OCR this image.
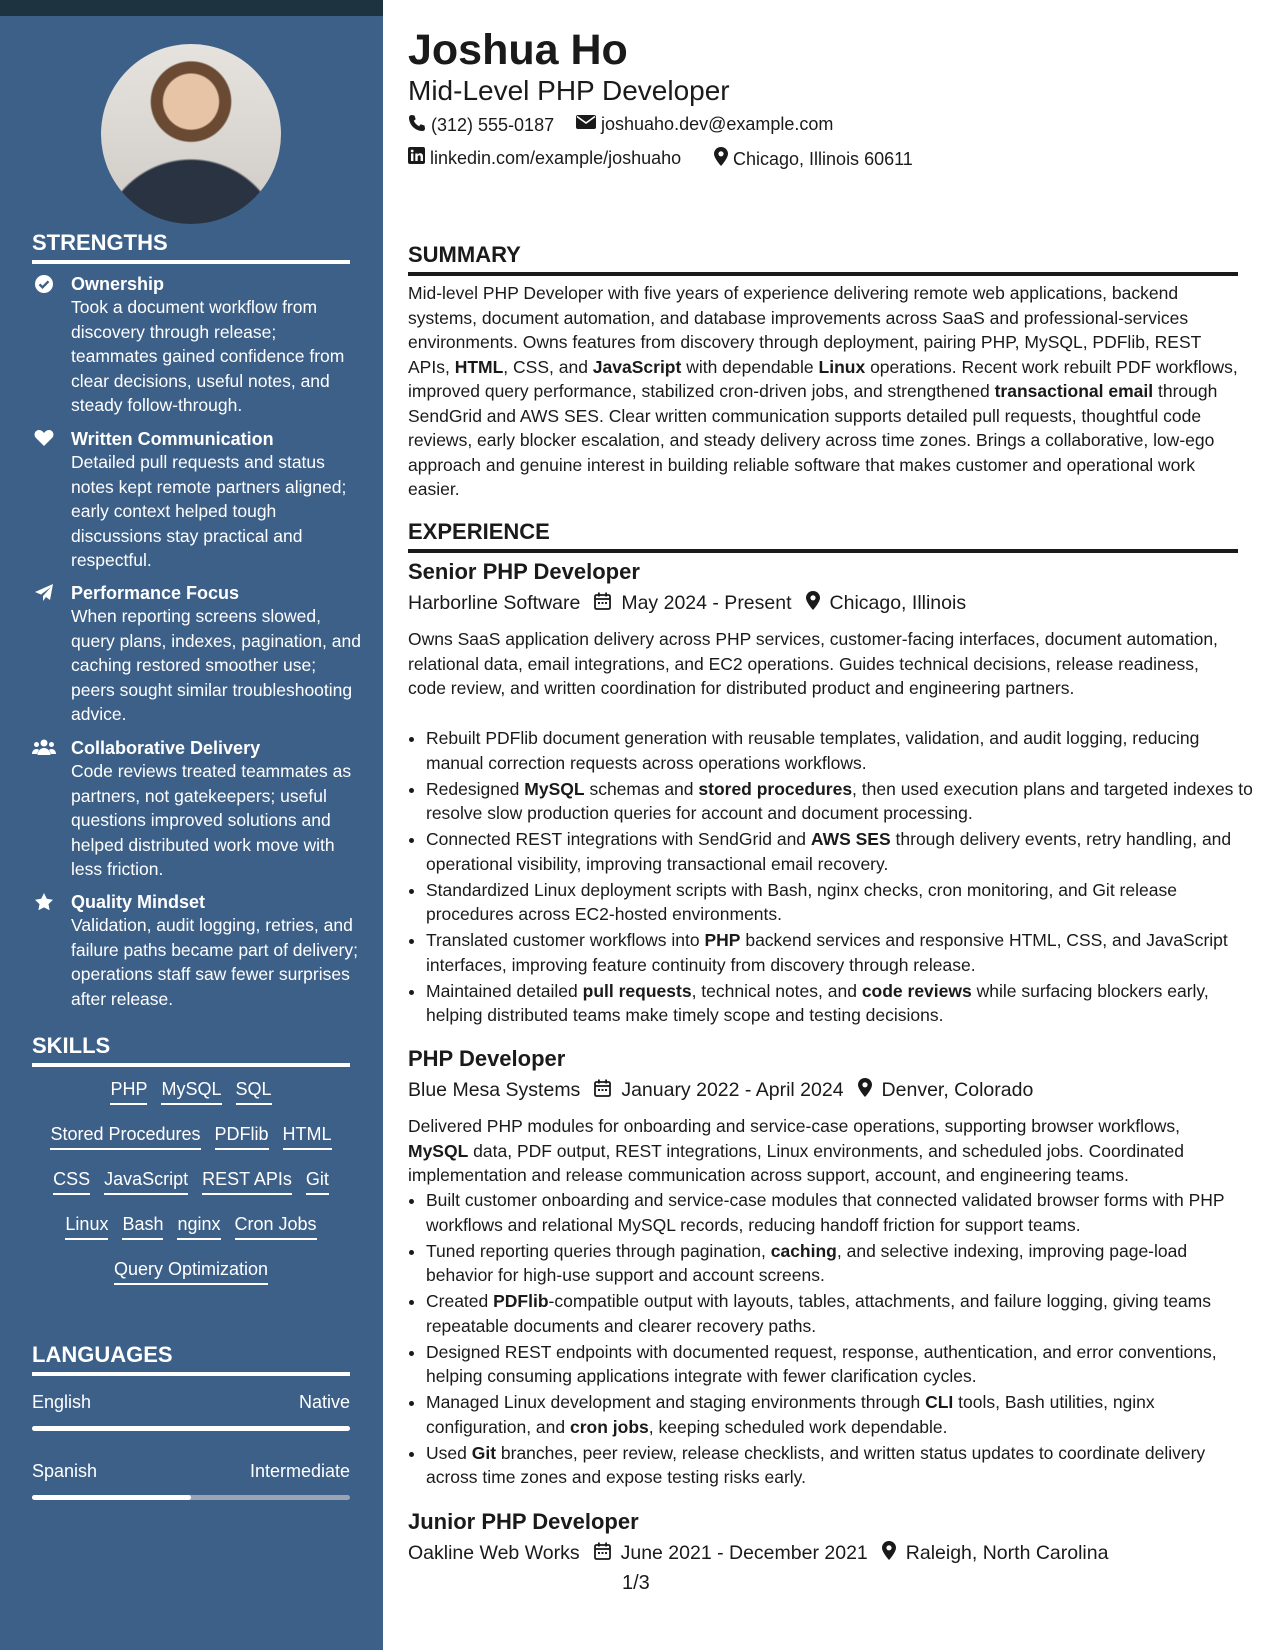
STRENGTHS
Ownership
Took a document workflow from discovery through release; teammates gained confidence from clear decisions, useful notes, and steady follow-through.
Written Communication
Detailed pull requests and status notes kept remote partners aligned; early context helped tough discussions stay practical and respectful.
Performance Focus
When reporting screens slowed, query plans, indexes, pagination, and caching restored smoother use; peers sought similar troubleshooting advice.
Collaborative Delivery
Code reviews treated teammates as partners, not gatekeepers; useful questions improved solutions and helped distributed work move with less friction.
Quality Mindset
Validation, audit logging, retries, and failure paths became part of delivery; operations staff saw fewer surprises after release.
SKILLS
PHP MySQL SQL
Stored Procedures PDFlib HTML
CSS JavaScript REST APIs Git
Linux Bash nginx Cron Jobs
Query Optimization
LANGUAGES
English	Native
Spanish	Intermediate
Joshua Ho
Mid-Level PHP Developer
(312) 555-0187	joshuaho.dev@example.com
linkedin.com/example/joshuaho	Chicago, Illinois 60611
SUMMARY
Mid-level PHP Developer with five years of experience delivering remote web applications, backend systems, document automation, and database improvements across SaaS and professional-services environments. Owns features from discovery through deployment, pairing PHP, MySQL, PDFlib, REST APIs, HTML, CSS, and JavaScript with dependable Linux operations. Recent work rebuilt PDF workflows, improved query performance, stabilized cron-driven jobs, and strengthened transactional email through SendGrid and AWS SES. Clear written communication supports detailed pull requests, thoughtful code reviews, early blocker escalation, and steady delivery across time zones. Brings a collaborative, low-ego approach and genuine interest in building reliable software that makes customer and operational work easier.
EXPERIENCE
Senior PHP Developer
Harborline Software May 2024 - Present Chicago, Illinois
Owns SaaS application delivery across PHP services, customer-facing interfaces, document automation, relational data, email integrations, and EC2 operations. Guides technical decisions, release readiness, code review, and written coordination for distributed product and engineering partners.
• Rebuilt PDFlib document generation with reusable templates, validation, and audit logging, reducing manual correction requests across operations workflows.
• Redesigned MySQL schemas and stored procedures, then used execution plans and targeted indexes to resolve slow production queries for account and document processing.
• Connected REST integrations with SendGrid and AWS SES through delivery events, retry handling, and operational visibility, improving transactional email recovery.
• Standardized Linux deployment scripts with Bash, nginx checks, cron monitoring, and Git release procedures across EC2-hosted environments.
• Translated customer workflows into PHP backend services and responsive HTML, CSS, and JavaScript interfaces, improving feature continuity from discovery through release.
• Maintained detailed pull requests, technical notes, and code reviews while surfacing blockers early, helping distributed teams make timely scope and testing decisions.
PHP Developer
Blue Mesa Systems January 2022 - April 2024 Denver, Colorado
Delivered PHP modules for onboarding and service-case operations, supporting browser workflows, MySQL data, PDF output, REST integrations, Linux environments, and scheduled jobs. Coordinated implementation and release communication across support, account, and engineering teams.
• Built customer onboarding and service-case modules that connected validated browser forms with PHP workflows and relational MySQL records, reducing handoff friction for support teams.
• Tuned reporting queries through pagination, caching, and selective indexing, improving page-load behavior for high-use support and account screens.
• Created PDFlib-compatible output with layouts, tables, attachments, and failure logging, giving teams repeatable documents and clearer recovery paths.
• Designed REST endpoints with documented request, response, authentication, and error conventions, helping consuming applications integrate with fewer clarification cycles.
• Managed Linux development and staging environments through CLI tools, Bash utilities, nginx configuration, and cron jobs, keeping scheduled work dependable.
• Used Git branches, peer review, release checklists, and written status updates to coordinate delivery across time zones and expose testing risks early.
Junior PHP Developer
Oakline Web Works June 2021 - December 2021 Raleigh, North Carolina
1/3
